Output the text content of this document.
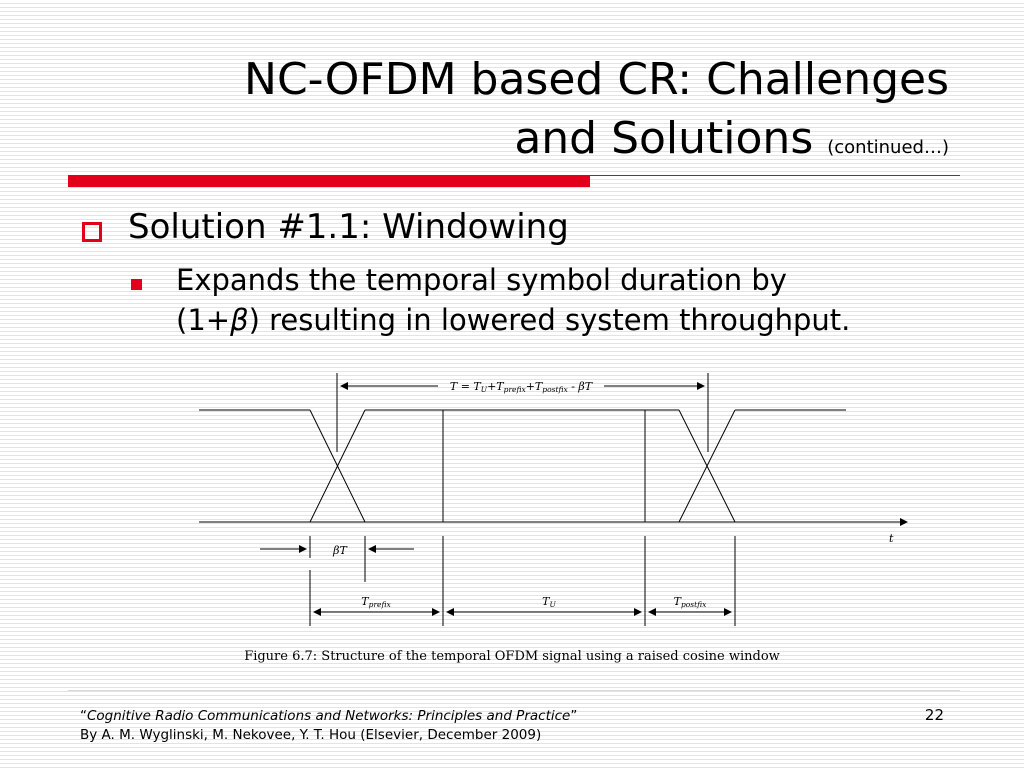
NC-OFDM based CR: Challenges
and Solutions (continued…)
Solution #1.1: Windowing
Expands the temporal symbol duration by
(1+β) resulting in lowered system throughput.
T = TU+Tprefix+Tpostfix - βT
t
βT
Tprefix	TU	Tpostfix
Figure 6.7: Structure of the temporal OFDM signal using a raised cosine window
“Cognitive Radio Communications and Networks: Principles and Practice”
By A. M. Wyglinski, M. Nekovee, Y. T. Hou (Elsevier, December 2009)
22
